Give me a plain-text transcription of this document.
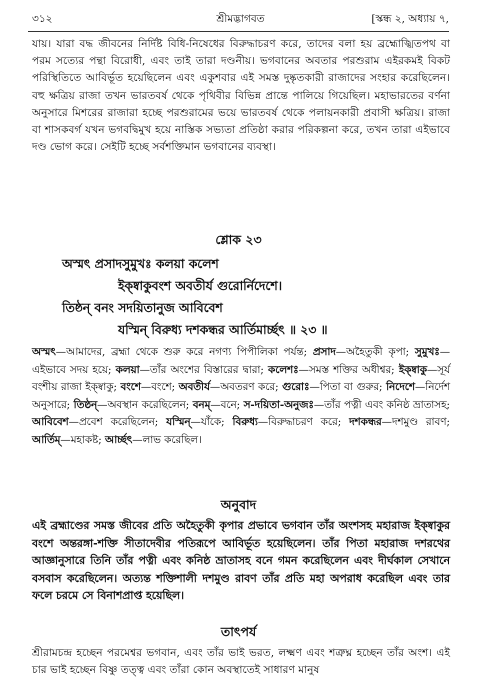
৩১২	শ্রীমদ্ভাগবত	[স্কন্ধ ২, অধ্যায় ৭,

যায়। যারা বদ্ধ জীবনের নির্দিষ্ট বিধি-নিষেধের বিরুদ্ধাচরণ করে, তাদের বলা হয় ব্রহ্মোজ্ঝিতপথ বা পরম সত্যের পন্থা বিরোধী, এবং তাই তারা দণ্ডনীয়। ভগবানের অবতার পরশুরাম এইরকমই বিকট পরিস্থিতিতে আবির্ভূত হয়েছিলেন এবং একুশবার এই সমস্ত দুষ্কৃতকারী রাজাদের সংহার করেছিলেন। বহু ক্ষত্রিয় রাজা তখন ভারতবর্ষ থেকে পৃথিবীর বিভিন্ন প্রান্তে পালিয়ে গিয়েছিল। মহাভারতের বর্ণনা অনুসারে মিশরের রাজারা হচ্ছে পরশুরামের ভয়ে ভারতবর্ষ থেকে পলায়নকারী প্রবাসী ক্ষত্রিয়। রাজা বা শাসকবর্গ যখন ভগবদ্বিমুখ হয়ে নাস্তিক সভ্যতা প্রতিষ্ঠা করার পরিকল্পনা করে, তখন তারা এইভাবে দণ্ড ভোগ করে। সেইটি হচ্ছে সর্বশক্তিমান ভগবানের ব্যবস্থা।

শ্লোক ২৩
অস্মৎ প্রসাদসুমুখঃ কলয়া কলেশ
ইক্ষ্বাকুবংশ অবতীর্য গুরোর্নিদেশে।
তিষ্ঠন্ বনং সদয়িতানুজ আবিবেশ
যস্মিন্ বিরুধ্য দশকন্ধর আর্তিমার্চ্ছৎ ॥ ২৩ ॥
অস্মৎ—আমাদের, ব্রহ্মা থেকে শুরু করে নগণ্য পিপীলিকা পর্যন্ত; প্রসাদ—অহৈতুকী কৃপা; সুমুখঃ—এইভাবে সদয় হয়ে; কলয়া—তাঁর অংশের বিস্তারের দ্বারা; কলেশঃ—সমস্ত শক্তির অধীশ্বর; ইক্ষ্বাকু—সূর্য বংশীয় রাজা ইক্ষ্বাকু; বংশে—বংশে; অবতীর্য—অবতরণ করে; গুরোঃ—পিতা বা গুরুর; নিদেশে—নির্দেশ অনুসারে; তিষ্ঠন্—অবস্থান করেছিলেন; বনম্—বনে; স-দয়িতা-অনুজঃ—তাঁর পত্নী এবং কনিষ্ঠ ভ্রাতাসহ; আবিবেশ—প্রবেশ করেছিলেন; যস্মিন্—যাঁকে; বিরুধ্য—বিরুদ্ধাচরণ করে; দশকন্ধর—দশমুণ্ড রাবণ; আর্তিম্—মহাকষ্ট; আর্চ্ছৎ—লাভ করেছিল।
অনুবাদ

এই ব্রহ্মাণ্ডের সমস্ত জীবের প্রতি অহৈতুকী কৃপার প্রভাবে ভগবান তাঁর অংশসহ মহারাজ ইক্ষ্বাকুর বংশে অন্তরঙ্গা-শক্তি সীতাদেবীর পতিরূপে আবির্ভূত হয়েছিলেন। তাঁর পিতা মহারাজ দশরথের আজ্ঞানুসারে তিনি তাঁর পত্নী এবং কনিষ্ঠ ভ্রাতাসহ বনে গমন করেছিলেন এবং দীর্ঘকাল সেখানে বসবাস করেছিলেন। অত্যন্ত শক্তিশালী দশমুণ্ড রাবণ তাঁর প্রতি মহা অপরাধ করেছিল এবং তার ফলে চরমে সে বিনাশপ্রাপ্ত হয়েছিল।

তাৎপর্য

শ্রীরামচন্দ্র হচ্ছেন পরমেশ্বর ভগবান, এবং তাঁর ভাই ভরত, লক্ষ্মণ এবং শত্রুঘ্ন হচ্ছেন তাঁর অংশ। এই চার ভাই হচ্ছেন বিষ্ণু তত্ত্ব এবং তাঁরা কোন অবস্থাতেই সাধারণ মানুষ
